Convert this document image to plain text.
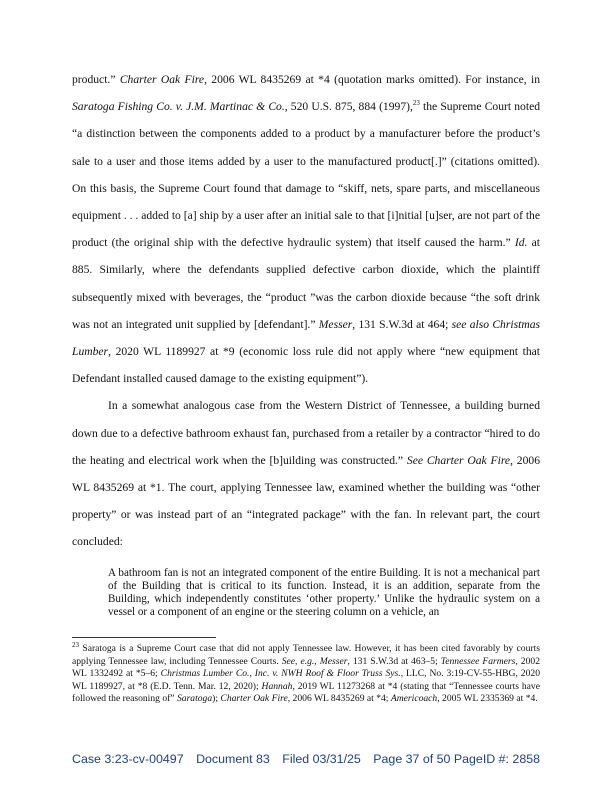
product.” Charter Oak Fire, 2006 WL 8435269 at *4 (quotation marks omitted). For instance, in Saratoga Fishing Co. v. J.M. Martinac & Co., 520 U.S. 875, 884 (1997),$^{23}$ the Supreme Court noted “a distinction between the components added to a product by a manufacturer before the product’s sale to a user and those items added by a user to the manufactured product[.]” (citations omitted). On this basis, the Supreme Court found that damage to “skiff, nets, spare parts, and miscellaneous equipment . . . added to [a] ship by a user after an initial sale to that [i]nitial [u]ser, are not part of the product (the original ship with the defective hydraulic system) that itself caused the harm.” Id. at 885. Similarly, where the defendants supplied defective carbon dioxide, which the plaintiff subsequently mixed with beverages, the “product ”was the carbon dioxide because “the soft drink was not an integrated unit supplied by [defendant].” Messer, 131 S.W.3d at 464; see also Christmas Lumber, 2020 WL 1189927 at *9 (economic loss rule did not apply where “new equipment that Defendant installed caused damage to the existing equipment”).

In a somewhat analogous case from the Western District of Tennessee, a building burned down due to a defective bathroom exhaust fan, purchased from a retailer by a contractor “hired to do the heating and electrical work when the [b]uilding was constructed.” See Charter Oak Fire, 2006 WL 8435269 at *1. The court, applying Tennessee law, examined whether the building was “other property” or was instead part of an “integrated package” with the fan. In relevant part, the court concluded:

A bathroom fan is not an integrated component of the entire Building. It is not a mechanical part of the Building that is critical to its function. Instead, it is an addition, separate from the Building, which independently constitutes ‘other property.’ Unlike the hydraulic system on a vessel or a component of an engine or the steering column on a vehicle, an

$^{23}$ Saratoga is a Supreme Court case that did not apply Tennessee law. However, it has been cited favorably by courts applying Tennessee law, including Tennessee Courts. See, e.g., Messer, 131 S.W.3d at 463–5; Tennessee Farmers, 2002 WL 1332492 at *5–6; Christmas Lumber Co., Inc. v. NWH Roof & Floor Truss Sys., LLC, No. 3:19-CV-55-HBG, 2020 WL 1189927, at *8 (E.D. Tenn. Mar. 12, 2020); Hannah, 2019 WL 11273268 at *4 (stating that “Tennessee courts have followed the reasoning of” Saratoga); Charter Oak Fire, 2006 WL 8435269 at *4; Americoach, 2005 WL 2335369 at *4.

Case 3:23-cv-00497 Document 83 Filed 03/31/25 Page 37 of 50 PageID #: 2858
